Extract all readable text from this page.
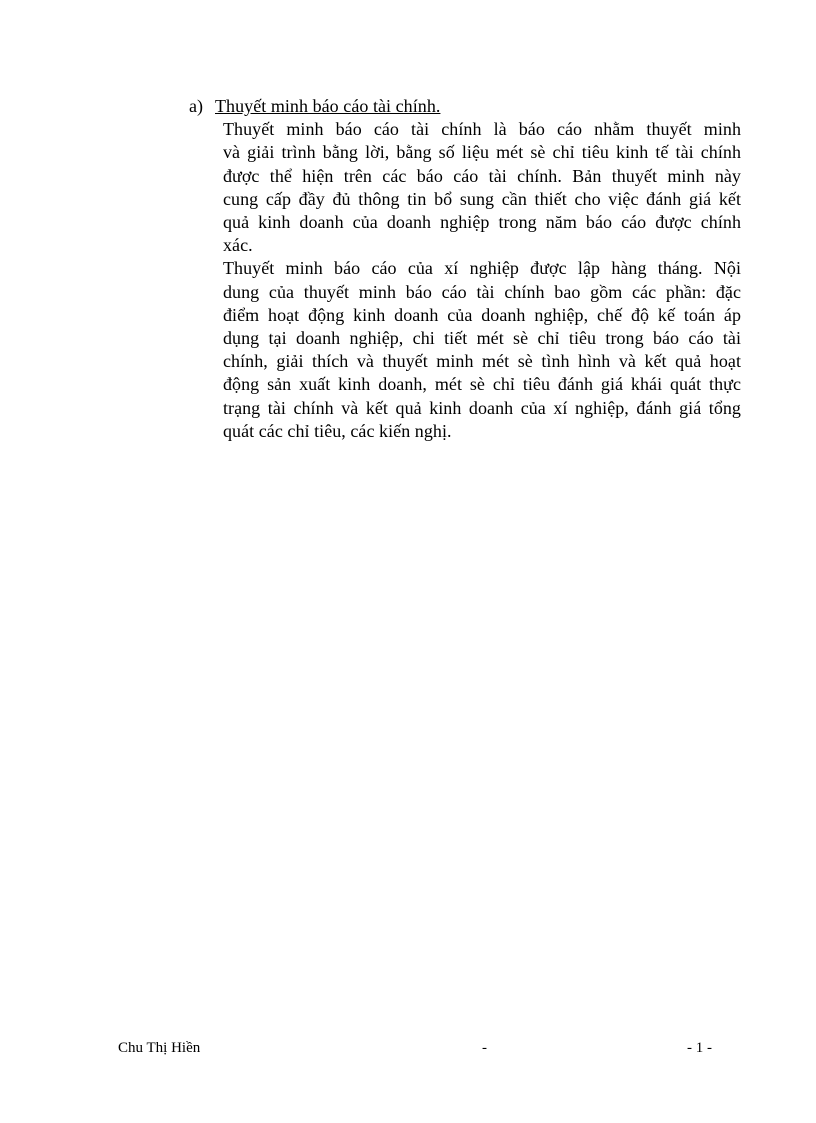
a) Thuyết minh báo cáo tài chính.

Thuyết minh báo cáo tài chính là báo cáo nhằm thuyết minh
và giải trình bằng lời, bằng số liệu mét sè chỉ tiêu kinh tế tài chính
được thể hiện trên các báo cáo tài chính. Bản thuyết minh này
cung cấp đầy đủ thông tin bổ sung cần thiết cho việc đánh giá kết
quả kinh doanh của doanh nghiệp trong năm báo cáo được chính
xác.

Thuyết minh báo cáo của xí nghiệp được lập hàng tháng. Nội
dung của thuyết minh báo cáo tài chính bao gồm các phần: đặc
điểm hoạt động kinh doanh của doanh nghiệp, chế độ kế toán áp
dụng tại doanh nghiệp, chi tiết mét sè chỉ tiêu trong báo cáo tài
chính, giải thích và thuyết minh mét sè tình hình và kết quả hoạt
động sản xuất kinh doanh, mét sè chỉ tiêu đánh giá khái quát thực
trạng tài chính và kết quả kinh doanh của xí nghiệp, đánh giá tổng
quát các chỉ tiêu, các kiến nghị.

Chu Thị Hiền	-	- 1 -
